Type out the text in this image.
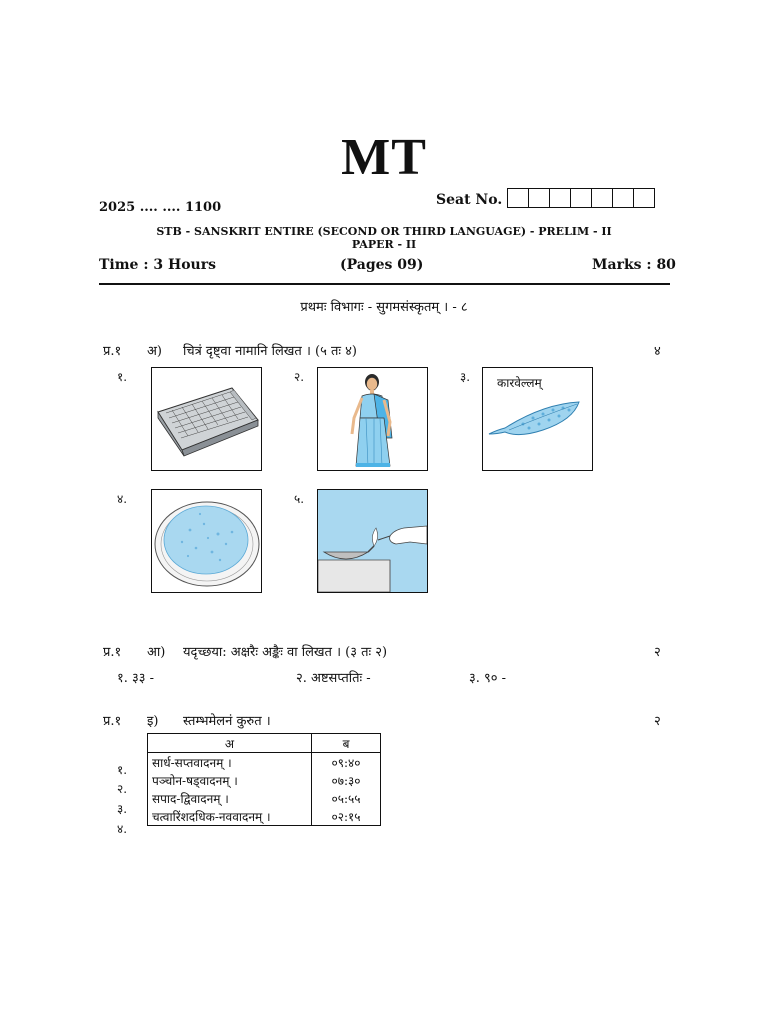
MT
Seat No.
2025 .... .... 1100
STB - SANSKRIT ENTIRE (SECOND OR THIRD LANGUAGE) - PRELIM - II
PAPER - II
Time : 3 Hours	(Pages 09)	Marks : 80
प्रथमः विभागः - सुगमसंस्कृतम् । - ८
प्र.१ अ) चित्रं दृष्ट्वा नामानि लिखत । (५ तः ४)	४
१.	२.	३. कारवेल्लम्
४.	५.
प्र.१ आ) यदृच्छया: अक्षरैः अङ्कैः वा लिखत । (३ तः २)	२
१. ३३ -	२. अष्टसप्ततिः -	३. ९० -
प्र.१ इ) स्तम्भमेलनं कुरुत ।	२
१.
२.
३.
४.
अ	ब
सार्ध-सप्तवादनम् ।	०९:४०
पञ्चोन-षड्वादनम् ।	०७:३०
सपाद-द्विवादनम् ।	०५:५५
चत्वारिंशदधिक-नववादनम् ।	०२:१५
